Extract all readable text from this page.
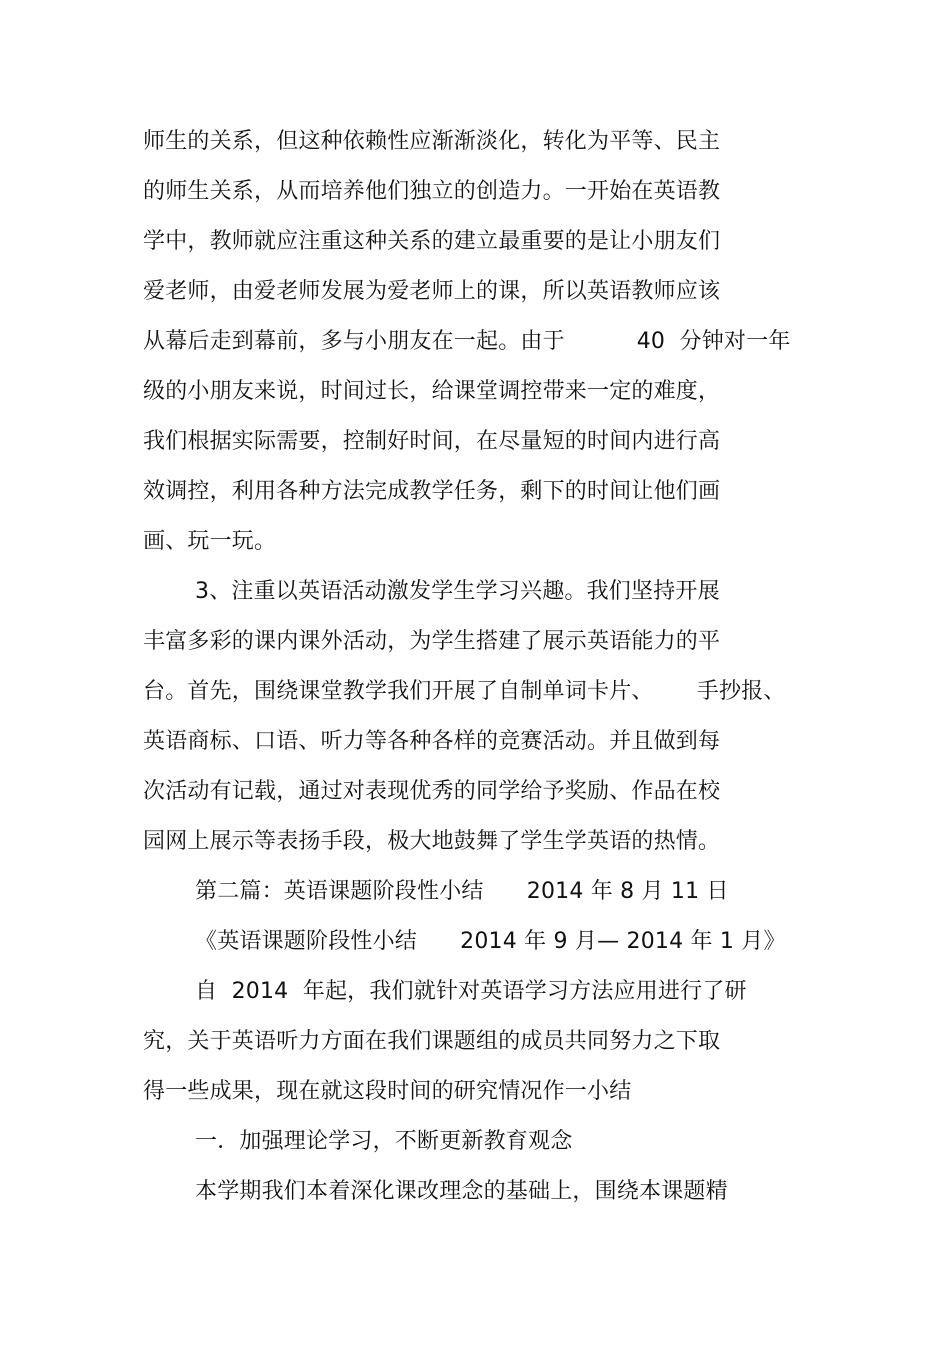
师生的关系，但这种依赖性应渐渐淡化，转化为平等、民主
的师生关系，从而培养他们独立的创造力。一开始在英语教
学中，教师就应注重这种关系的建立最重要的是让小朋友们
爱老师，由爱老师发展为爱老师上的课，所以英语教师应该
从幕后走到幕前，多与小朋友在一起。由于          40  分钟对一年
级的小朋友来说，时间过长，给课堂调控带来一定的难度，
我们根据实际需要，控制好时间，在尽量短的时间内进行高
效调控，利用各种方法完成教学任务，剩下的时间让他们画
画、玩一玩。
3、注重以英语活动激发学生学习兴趣。我们坚持开展
丰富多彩的课内课外活动，为学生搭建了展示英语能力的平
台。首先，围绕课堂教学我们开展了自制单词卡片、      手抄报、
英语商标、口语、听力等各种各样的竞赛活动。并且做到每
次活动有记载，通过对表现优秀的同学给予奖励、作品在校
园网上展示等表扬手段，极大地鼓舞了学生学英语的热情。
第二篇：英语课题阶段性小结      2014 年 8 月 11 日
《英语课题阶段性小结      2014 年 9 月— 2014 年 1 月》
自  2014  年起，我们就针对英语学习方法应用进行了研
究，关于英语听力方面在我们课题组的成员共同努力之下取
得一些成果，现在就这段时间的研究情况作一小结
一．加强理论学习，不断更新教育观念
本学期我们本着深化课改理念的基础上，围绕本课题精
